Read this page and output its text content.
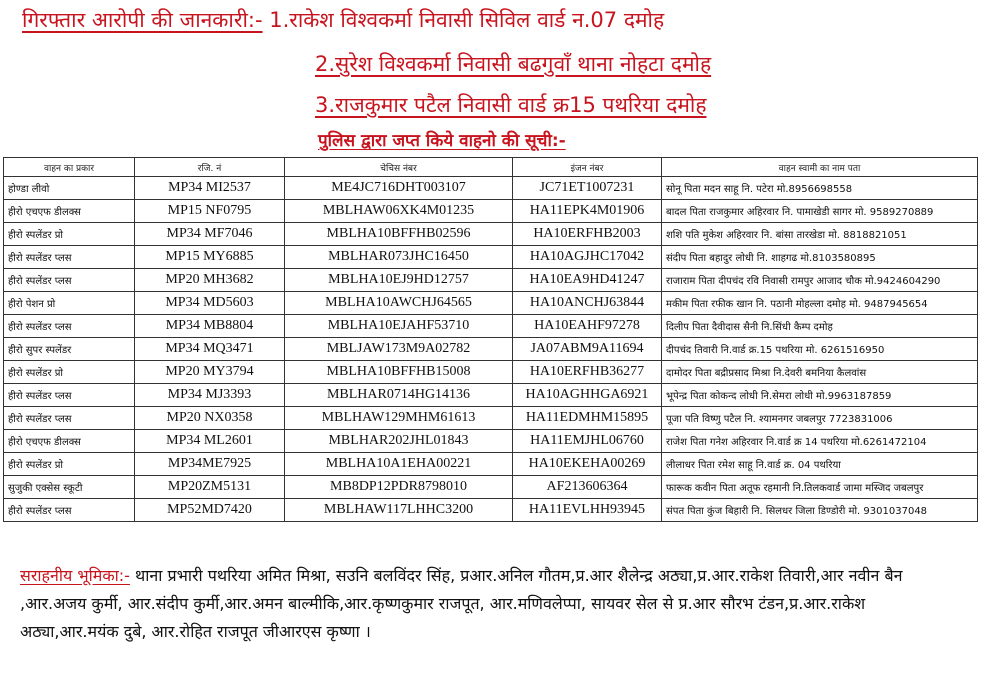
गिरफ्तार आरोपी की जानकारी:- 1.राकेश विश्वकर्मा निवासी सिविल वार्ड न.07 दमोह
2.सुरेश विश्वकर्मा निवासी बढगुवॉं थाना नोहटा दमोह
3.राजकुमार पटैल निवासी वार्ड क्र15 पथरिया दमोह
पुलिस द्वारा जप्त किये वाहनो की सूची:-
वाहन का प्रकार	रजि. नं	चेचिस नंबर	इंजन नंबर	वाहन स्वामी का नाम पता
होण्डा लीवो	MP34 MI2537	ME4JC716DHT003107	JC71ET1007231	सोनू पिता मदन साहू नि. पटेरा मो.8956698558
हीरो एचएफ डीलक्स	MP15 NF0795	MBLHAW06XK4M01235	HA11EPK4M01906	बादल पिता राजकुमार अहिरवार नि. पामाखेडी सागर मो. 9589270889
हीरो स्पलेंडर प्रो	MP34 MF7046	MBLHA10BFFHB02596	HA10ERFHB2003	शशि पति मुकेश अहिरवार नि. बांसा तारखेडा मो. 8818821051
हीरो स्पलेंडर प्लस	MP15 MY6885	MBLHAR073JHC16450	HA10AGJHC17042	संदीप पिता बहादुर लोधी नि. शाहगढ मो.8103580895
हीरो स्पलेंडर प्लस	MP20 MH3682	MBLHA10EJ9HD12757	HA10EA9HD41247	राजाराम पिता दीपचंद रवि निवासी रामपुर आजाद चौक मो.9424604290
हीरो पेशन प्रो	MP34 MD5603	MBLHA10AWCHJ64565	HA10ANCHJ63844	मकीम पिता रफीक खान नि. पठानी मोहल्ला दमोह मो. 9487945654
हीरो स्पलेंडर प्लस	MP34 MB8804	MBLHA10EJAHF53710	HA10EAHF97278	दिलीप पिता दैवीदास सैनी नि.सिंधी कैम्प दमोह
हीरो सुपर स्पलेंडर	MP34 MQ3471	MBLJAW173M9A02782	JA07ABM9A11694	दीपचंद तिवारी नि.वार्ड क्र.15 पथरिया मो. 6261516950
हीरो स्पलेंडर प्रो	MP20 MY3794	MBLHA10BFFHB15008	HA10ERFHB36277	दामोदर पिता बद्रीप्रसाद मिश्रा नि.देवरी बमनिया कैलवांस
हीरो स्पलेंडर प्लस	MP34 MJ3393	MBLHAR0714HG14136	HA10AGHHGA6921	भूपेन्द्र पिता कोकन्द लोधी नि.सेमरा लोधी मो.9963187859
हीरो स्पलेंडर प्लस	MP20 NX0358	MBLHAW129MHM61613	HA11EDMHM15895	पूजा पति विष्णु पटैल नि. श्यामनगर जबलपुर 7723831006
हीरो एचएफ डीलक्स	MP34 ML2601	MBLHAR202JHL01843	HA11EMJHL06760	राजेश पिता गनेश अहिरवार नि.वार्ड क्र 14 पथरिया मो.6261472104
हीरो स्पलेंडर प्रो	MP34ME7925	MBLHA10A1EHA00221	HA10EKEHA00269	लीलाधर पिता रमेश साहू नि.वार्ड क्र. 04 पथरिया
सुजुकी एक्सेस स्कूटी	MP20ZM5131	MB8DP12PDR8798010	AF213606364	फारूक कवीन पिता अतूफ रहमानी नि.तिलकवार्ड जामा मस्जिद जबलपुर
हीरो स्पलेंडर प्लस	MP52MD7420	MBLHAW117LHHC3200	HA11EVLHH93945	संपत पिता कुंज बिहारी नि. सिलधर जिला डिण्डोरी मो. 9301037048
सराहनीय भूमिका:- थाना प्रभारी पथरिया अमित मिश्रा, सउनि बलविंदर सिंह, प्रआर.अनिल गौतम,प्र.आर शैलेन्द्र अठ्या,प्र.आर.राकेश तिवारी,आर नवीन बैन ,आर.अजय कुर्मी, आर.संदीप कुर्मी,आर.अमन बाल्मीकि,आर.कृष्णकुमार राजपूत, आर.मणिवलेप्पा, सायवर सेल से प्र.आर सौरभ टंडन,प्र.आर.राकेश अठ्या,आर.मयंक दुबे, आर.रोहित राजपूत जीआरएस कृष्णा ।
